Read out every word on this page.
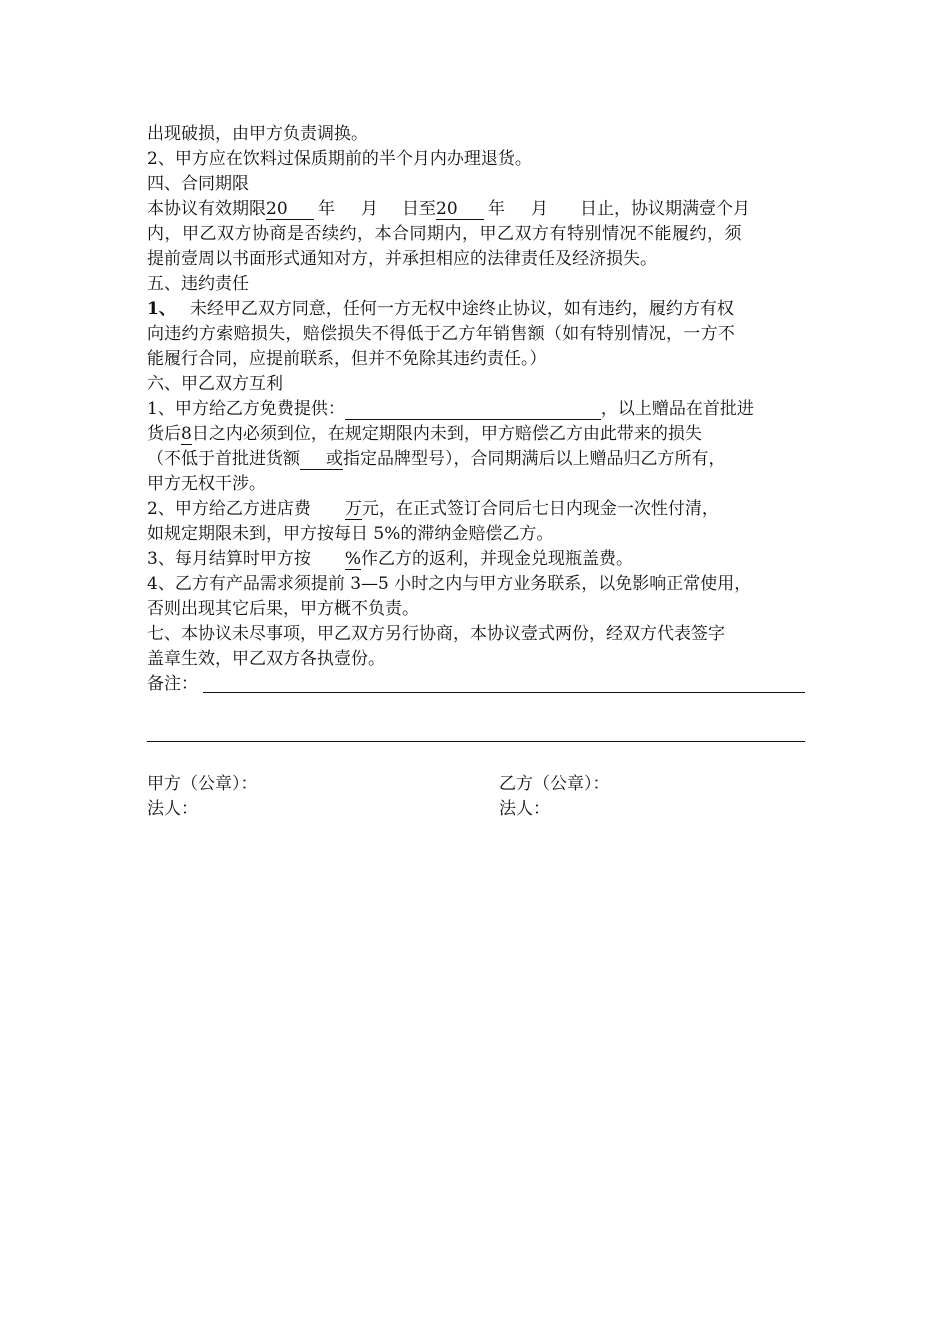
出现破损，由甲方负责调换。
2、甲方应在饮料过保质期前的半个月内办理退货。
四、合同期限
本协议有效期限20 年 月 日至20 年 月 日止，协议期满壹个月
内，甲乙双方协商是否续约，本合同期内，甲乙双方有特别情况不能履约，须
提前壹周以书面形式通知对方，并承担相应的法律责任及经济损失。
五、违约责任
1、 未经甲乙双方同意，任何一方无权中途终止协议，如有违约，履约方有权
向违约方索赔损失，赔偿损失不得低于乙方年销售额（如有特别情况，一方不
能履行合同，应提前联系，但并不免除其违约责任。）
六、甲乙双方互利
1、甲方给乙方免费提供：	，以上赠品在首批进
货后8日之内必须到位，在规定期限内未到，甲方赔偿乙方由此带来的损失
（不低于首批进货额 或指定品牌型号），合同期满后以上赠品归乙方所有，
甲方无权干涉。
2、甲方给乙方进店费 万元，在正式签订合同后七日内现金一次性付清，
如规定期限未到，甲方按每日 5%的滞纳金赔偿乙方。
3、每月结算时甲方按 %作乙方的返利，并现金兑现瓶盖费。
4、乙方有产品需求须提前 3—5 小时之内与甲方业务联系，以免影响正常使用，
否则出现其它后果，甲方概不负责。
七、本协议未尽事项，甲乙双方另行协商，本协议壹式两份，经双方代表签字
盖章生效，甲乙双方各执壹份。
备注：
甲方（公章）：	乙方（公章）：
法人：	法人：
